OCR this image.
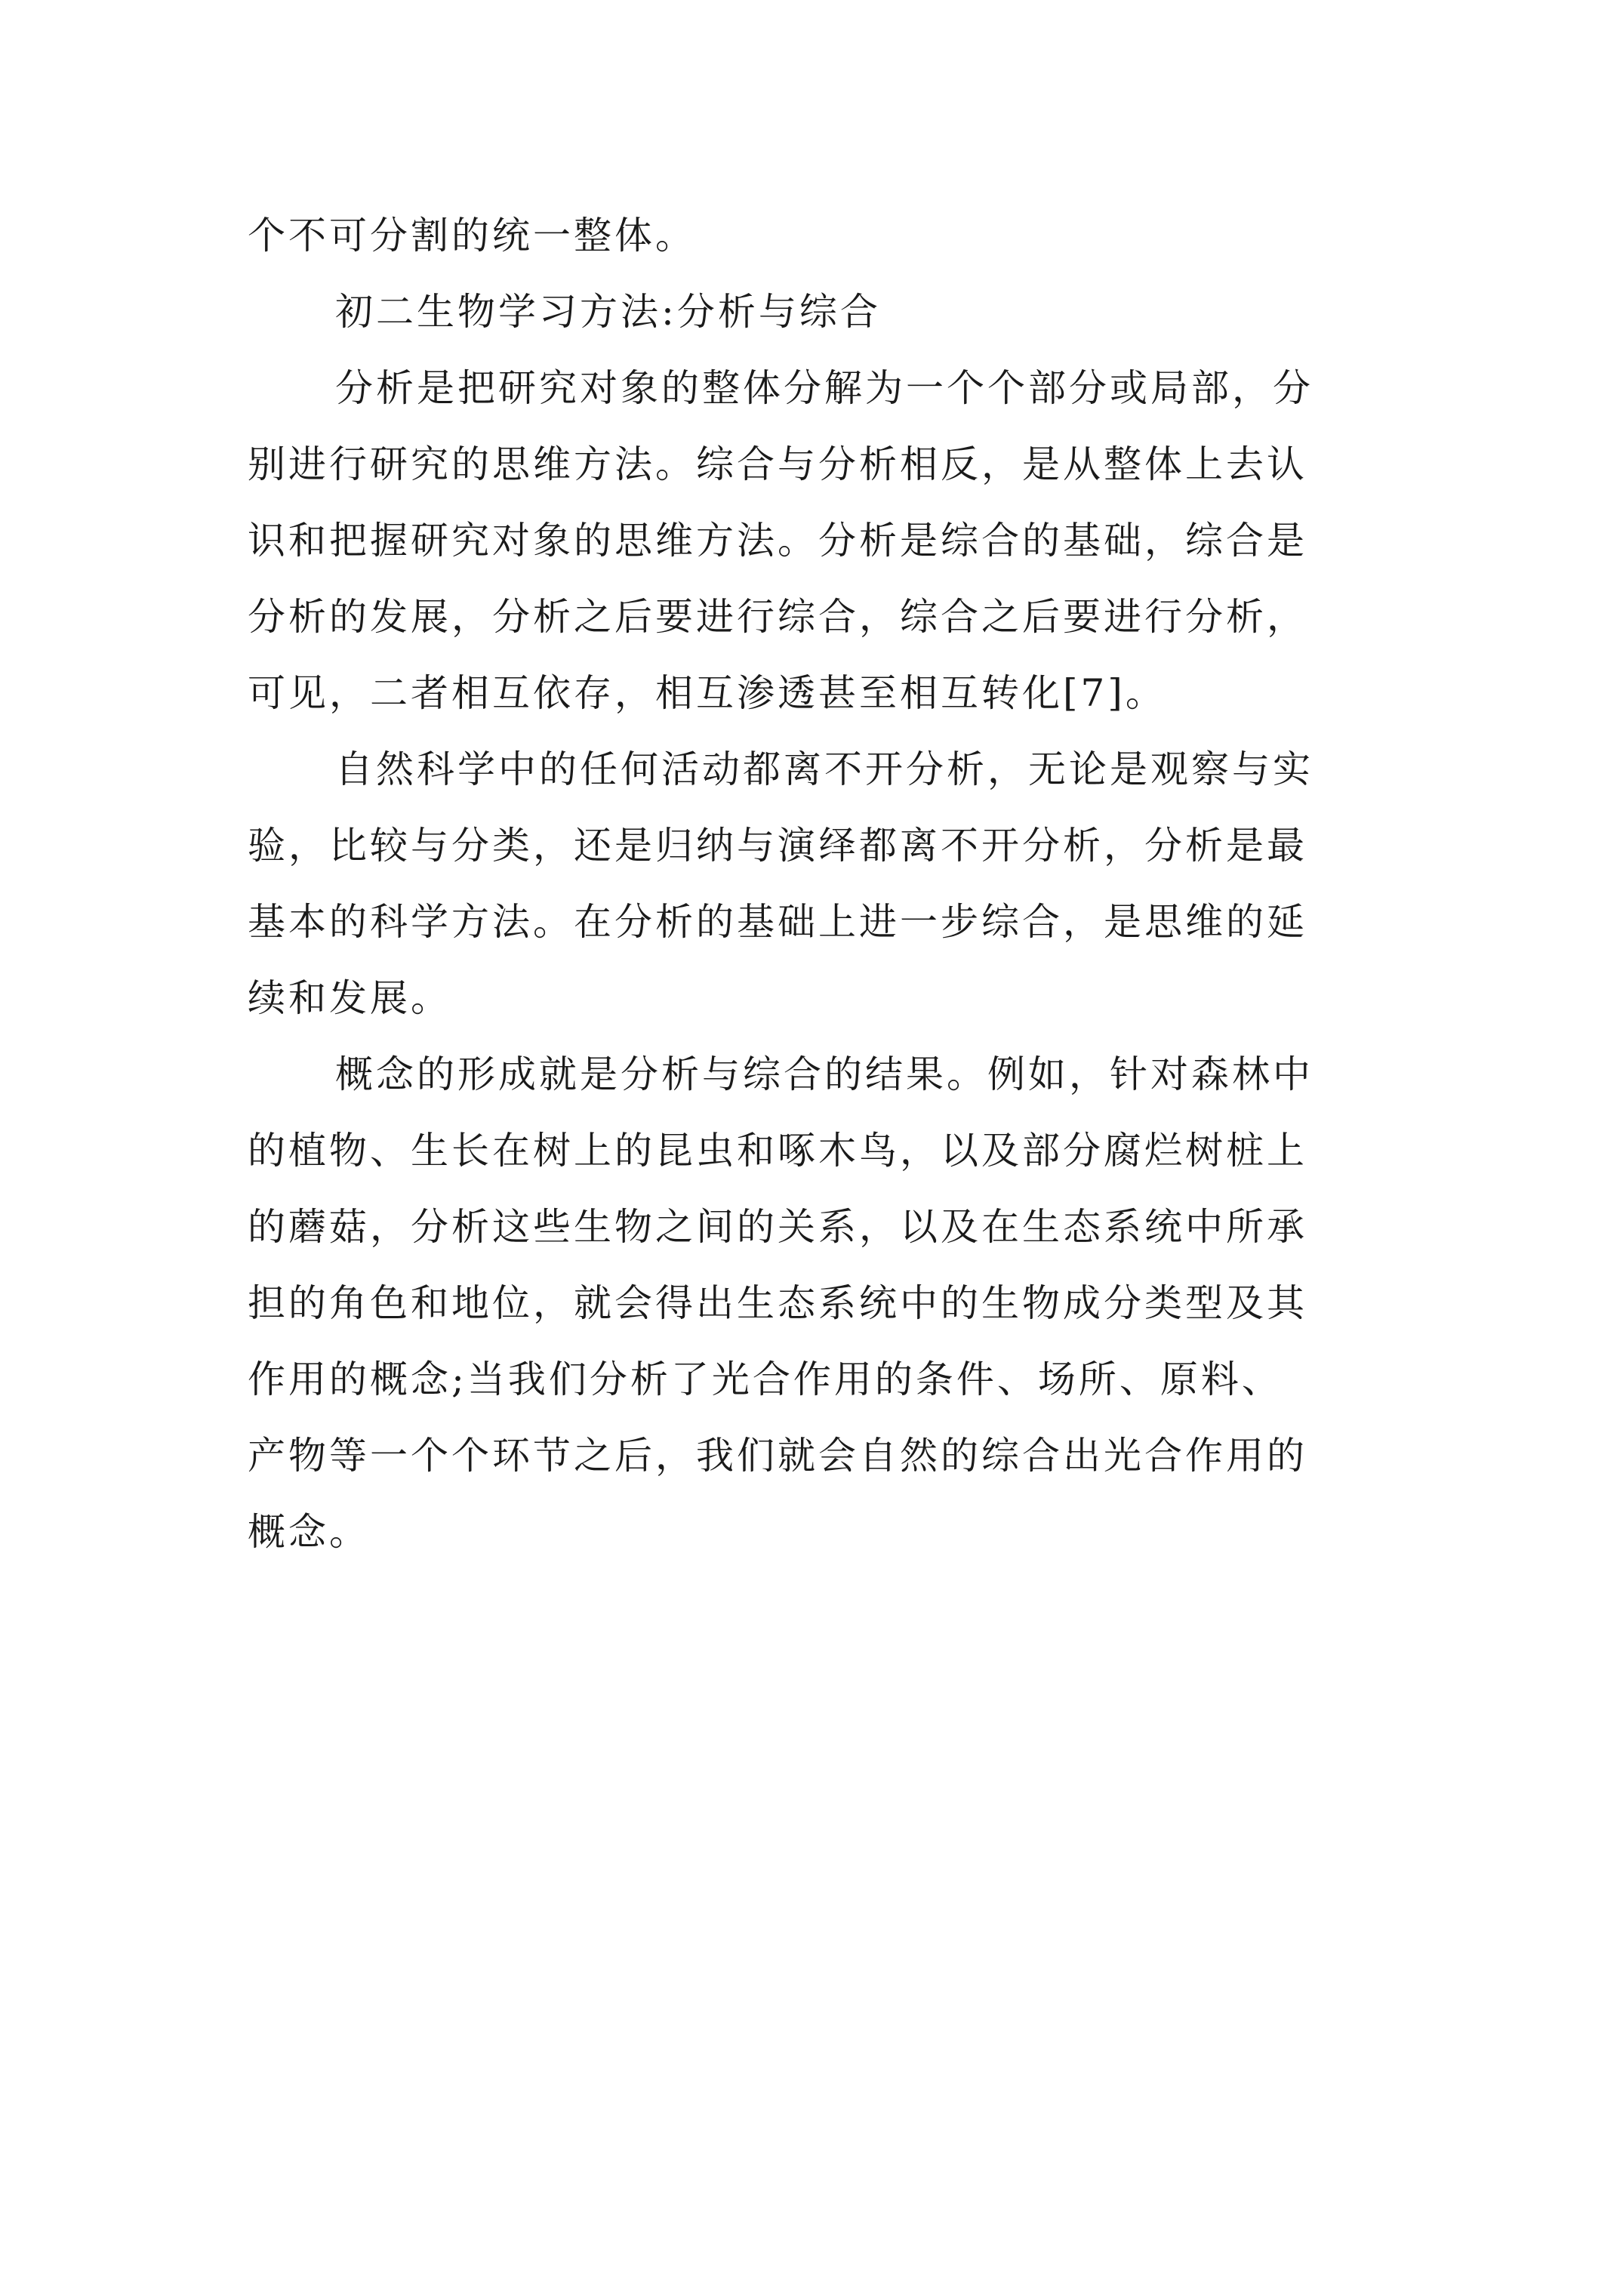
个不可分割的统一整体。
初二生物学习方法:分析与综合
分析是把研究对象的整体分解为一个个部分或局部，分
别进行研究的思维方法。综合与分析相反，是从整体上去认
识和把握研究对象的思维方法。分析是综合的基础，综合是
分析的发展，分析之后要进行综合，综合之后要进行分析，
可见，二者相互依存，相互渗透甚至相互转化[7]。
自然科学中的任何活动都离不开分析，无论是观察与实
验，比较与分类，还是归纳与演绎都离不开分析，分析是最
基本的科学方法。在分析的基础上进一步综合，是思维的延
续和发展。
概念的形成就是分析与综合的结果。例如，针对森林中
的植物、生长在树上的昆虫和啄木鸟，以及部分腐烂树桩上
的蘑菇，分析这些生物之间的关系，以及在生态系统中所承
担的角色和地位，就会得出生态系统中的生物成分类型及其
作用的概念;当我们分析了光合作用的条件、场所、原料、
产物等一个个环节之后，我们就会自然的综合出光合作用的
概念。
